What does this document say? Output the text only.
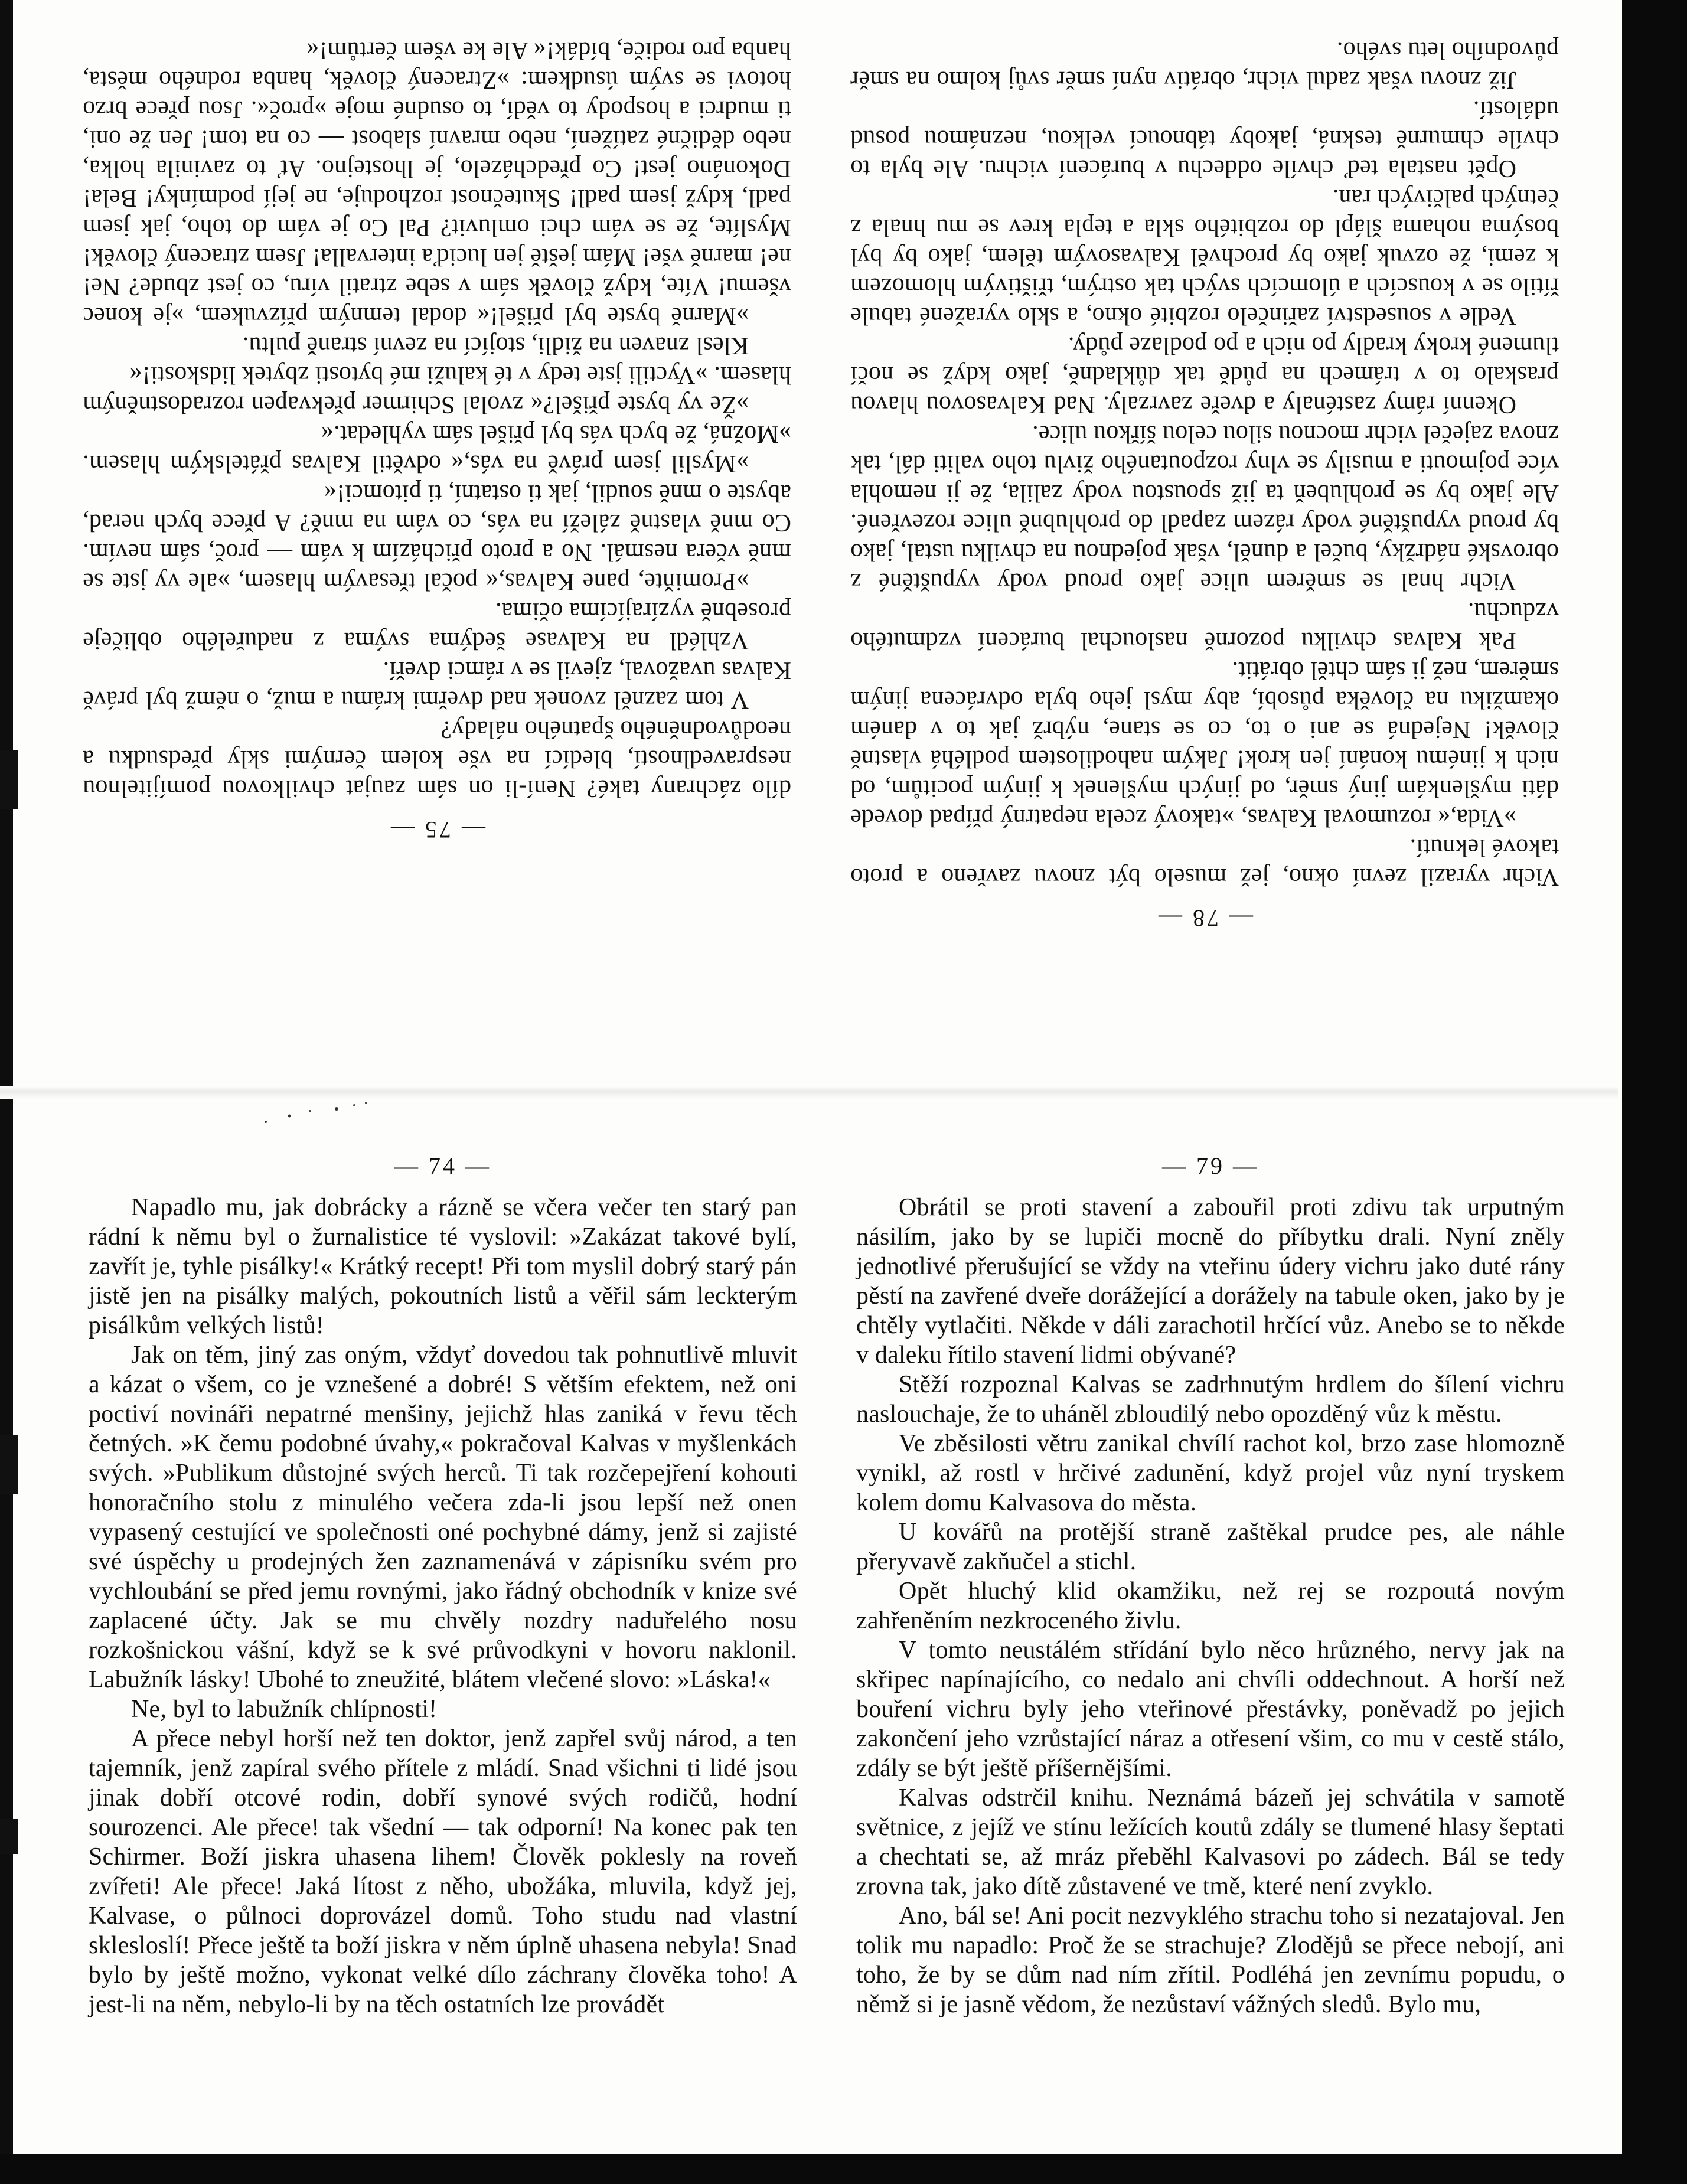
— 78 —

Vichr vyrazil zevní okno, jež muselo být znovu zavřeno a proto takové leknutí.

»Vida,« rozumoval Kalvas, »takový zcela nepatrný případ dovede dáti myšlenkám jiný směr, od jiných myšlenek k jiným pocitům, od nich k jinému konání jen krok! Jakým nahodilostem podléhá vlastně člověk! Nejedná se ani o to, co se stane, nýbrž jak to v daném okamžiku na člověka působí, aby mysl jeho byla odvrácena jiným směrem, než ji sám chtěl obrátit.

Pak Kalvas chvilku pozorně naslouchal burácení vzdmutého vzduchu.

Vichr hnal se směrem ulice jako proud vody vypuštěné z obrovské nádržky, bučel a duněl, však pojednou na chvilku ustal, jako by proud vypuštěné vody rázem zapadl do prohlubně ulice rozevřené. Ale jako by se prohlubeň ta již spoustou vody zalila, že ji nemohla více pojmouti a musily se vlny rozpoutaného živlu toho valiti dál, tak znova zaječel vichr mocnou silou celou šířkou ulice.

Okenní rámy zasténaly a dveře zavrzaly. Nad Kalvasovou hlavou praskalo to v trámech na půdě tak důkladně, jako když se nočí tlumené kroky kradly po nich a po podlaze půdy.

Vedle v sousedství zařinčelo rozbité okno, a sklo vyražené tabule řítilo se v kouscích a úlomcích svých tak ostrým, třištivým hlomozem k zemi, že ozvuk jako by prochvěl Kalvasovým tělem, jako by byl bosýma nohama šlápl do rozbitého skla a tepla krev se mu hnala z četných palčivých ran.

Opět nastala teď chvíle oddechu v burácení vichru. Ale byla to chvíle chmurně teskná, jakoby tábnoucí velkou, neznámou posud událostí.

Již znovu však zadul vichr, obrátiv nyní směr svůj kolmo na směr původního letu svého.

— 75 —

dílo záchrany také? Není-li on sám zaujat chvilkovou pomíjitelnou nespravedlností, bledící na vše kolem černými skly předsudku a neodůvodněného špatného nálady?

V tom zazněl zvonek nad dveřmi krámu a muž, o němž byl právě Kalvas uvažoval, zjevil se v rámci dveří.

Vzhlédl na Kalvase šedýma svýma z naduřelého obličeje prosebně vyzírajícíma očima.

»Promiňte, pane Kalvas,« počal třesavým hlasem, »ale vy jste se mně včera nesmál. No a proto přicházím k vám — proč, sám nevím. Co mně vlastně záleží na vás, co vám na mně? A přece bych nerad, abyste o mně soudil, jak ti ostatní, ti pitomci!«

»Myslil jsem právě na vás,« odvětil Kalvas přátelským hlasem. »Možná, že bych vás byl přišel sám vyhledat.«

»Že vy byste přišel?« zvolal Schirmer překvapen rozradostněným hlasem. »Vyctili jste tedy v té kaluži mé bytosti zbytek lidskosti!«

Klesl znaven na židli, stojící na zevní straně pultu.

»Marně byste byl přišel!« dodal temným přízvukem, »je konec všemu! Víte, když člověk sám v sebe ztratil víru, co jest zbude? Ne! ne! marně vše! Mám ještě jen luciďa intervalla! Jsem ztracený člověk! Myslíte, že se vám chci omluvit? Pal Co je vám do toho, jak jsem padl, když jsem padl! Skutečnost rozhoduje, ne její podmínky! Bela! Dokonáno jest! Co předcházelo, je lhostejno. Ať to zavinila holka, nebo dědičné zatížení, nebo mravní slabost — co na tom! Jen že oni, ti mudrci a hospody to vědí, to osudné moje »proč«. Jsou přece brzo hotovi se svým úsudkem: »Ztracený člověk, hanba rodného města, hanba pro rodiče, bídák!« Ale ke všem čertům!«

— 74 —

Napadlo mu, jak dobrácky a rázně se včera večer ten starý pan rádní k němu byl o žurnalistice té vyslovil: »Zakázat takové bylí, zavřít je, tyhle pisálky!« Krátký recept! Při tom myslil dobrý starý pán jistě jen na pisálky malých, pokoutních listů a věřil sám leckterým pisálkům velkých listů!

Jak on těm, jiný zas oným, vždyť dovedou tak pohnutlivě mluvit a kázat o všem, co je vznešené a dobré! S větším efektem, než oni poctiví novináři nepatrné menšiny, jejichž hlas zaniká v řevu těch četných. »K čemu podobné úvahy,« pokračoval Kalvas v myšlenkách svých. »Publikum důstojné svých herců. Ti tak rozčepejření kohouti honoračního stolu z minulého večera zda-li jsou lepší než onen vypasený cestující ve společnosti oné pochybné dámy, jenž si zajisté své úspěchy u prodejných žen zaznamenává v zápisníku svém pro vychloubání se před jemu rovnými, jako řádný obchodník v knize své zaplacené účty. Jak se mu chvěly nozdry naduřelého nosu rozkošnickou vášní, když se k své průvodkyni v hovoru naklonil. Labužník lásky! Ubohé to zneužité, blátem vlečené slovo: »Láska!«

Ne, byl to labužník chlípnosti!

A přece nebyl horší než ten doktor, jenž zapřel svůj národ, a ten tajemník, jenž zapíral svého přítele z mládí. Snad všichni ti lidé jsou jinak dobří otcové rodin, dobří synové svých rodičů, hodní sourozenci. Ale přece! tak všední — tak odporní! Na konec pak ten Schirmer. Boží jiskra uhasena lihem! Člověk poklesly na roveň zvířeti! Ale přece! Jaká lítost z něho, ubožáka, mluvila, když jej, Kalvase, o půlnoci doprovázel domů. Toho studu nad vlastní sklesloslí! Přece ještě ta boží jiskra v něm úplně uhasena nebyla! Snad bylo by ještě možno, vykonat velké dílo záchrany člověka toho! A jest-li na něm, nebylo-li by na těch ostatních lze provádět

— 79 —

Obrátil se proti stavení a zabouřil proti zdivu tak urputným násilím, jako by se lupiči mocně do příbytku drali. Nyní zněly jednotlivé přerušující se vždy na vteřinu údery vichru jako duté rány pěstí na zavřené dveře dorážející a dorážely na tabule oken, jako by je chtěly vytlačiti. Někde v dáli zarachotil hrčící vůz. Anebo se to někde v daleku řítilo stavení lidmi obývané?

Stěží rozpoznal Kalvas se zadrhnutým hrdlem do šílení vichru naslouchaje, že to uháněl zbloudilý nebo opozděný vůz k městu.

Ve zběsilosti větru zanikal chvílí rachot kol, brzo zase hlomozně vynikl, až rostl v hrčivé zadunění, když projel vůz nyní tryskem kolem domu Kalvasova do města.

U kovářů na protější straně zaštěkal prudce pes, ale náhle přeryvavě zakňučel a stichl.

Opět hluchý klid okamžiku, než rej se rozpoutá novým zahřeněním nezkroceného živlu.

V tomto neustálém střídání bylo něco hrůzného, nervy jak na skřipec napínajícího, co nedalo ani chvíli oddechnout. A horší než bouření vichru byly jeho vteřinové přestávky, poněvadž po jejich zakončení jeho vzrůstající náraz a otřesení všim, co mu v cestě stálo, zdály se být ještě příšernějšími.

Kalvas odstrčil knihu. Neznámá bázeň jej schvátila v samotě světnice, z jejíž ve stínu ležících koutů zdály se tlumené hlasy šeptati a chechtati se, až mráz přeběhl Kalvasovi po zádech. Bál se tedy zrovna tak, jako dítě zůstavené ve tmě, které není zvyklo.

Ano, bál se! Ani pocit nezvyklého strachu toho si nezatajoval. Jen tolik mu napadlo: Proč že se strachuje? Zlodějů se přece nebojí, ani toho, že by se dům nad ním zřítil. Podléhá jen zevnímu popudu, o němž si je jasně vědom, že nezůstaví vážných sledů. Bylo mu,
